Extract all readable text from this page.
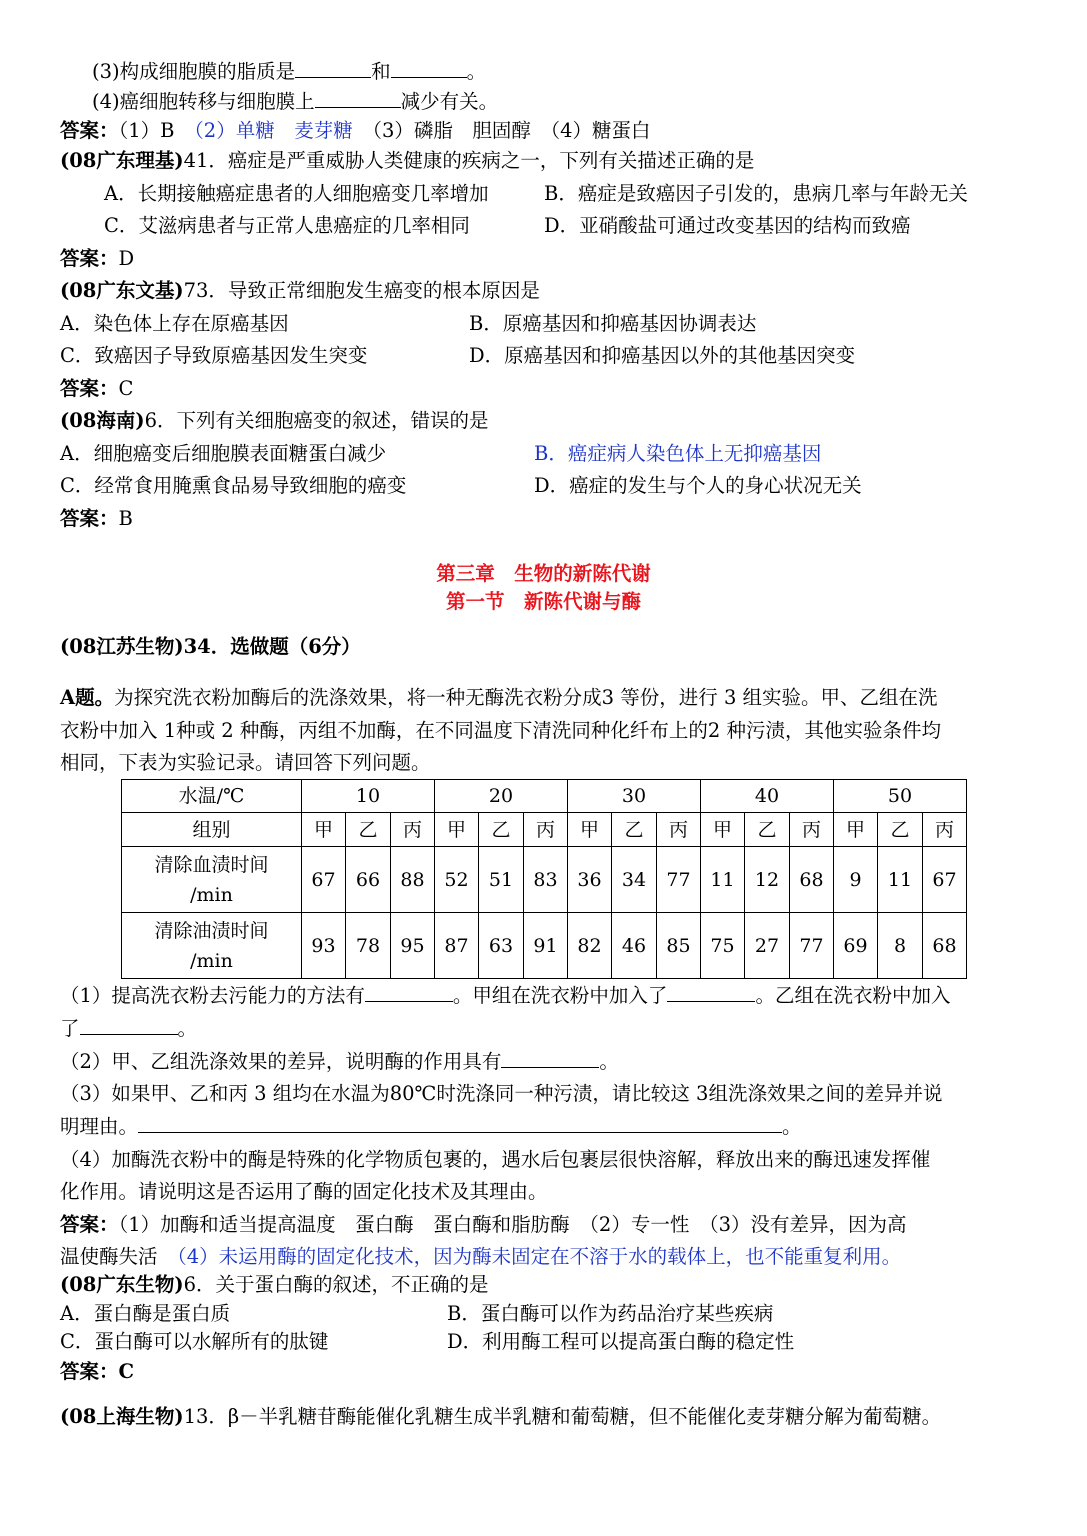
(3)构成细胞膜的脂质是	和	。
(4)癌细胞转移与细胞膜上	减少有关。
答案：（1）B　 （2）单糖　麦芽糖　 （3）磷脂　胆固醇　（4）糖蛋白
(08广东理基)41．癌症是严重威胁人类健康的疾病之一，下列有关描述正确的是
A．长期接触癌症患者的人细胞癌变几率增加	B．癌症是致癌因子引发的，患病几率与年龄无关
C．艾滋病患者与正常人患癌症的几率相同	D．亚硝酸盐可通过改变基因的结构而致癌
答案：D
(08广东文基)73．导致正常细胞发生癌变的根本原因是
A．染色体上存在原癌基因	B．原癌基因和抑癌基因协调表达
C．致癌因子导致原癌基因发生突变	D．原癌基因和抑癌基因以外的其他基因突变
答案：C
(08海南)6．下列有关细胞癌变的叙述，错误的是
A．细胞癌变后细胞膜表面糖蛋白减少	B．癌症病人染色体上无抑癌基因
C．经常食用腌熏食品易导致细胞的癌变	D．癌症的发生与个人的身心状况无关
答案：B
第三章　生物的新陈代谢
第一节　新陈代谢与酶
(08江苏生物)34．选做题（6分）
A题。为探究洗衣粉加酶后的洗涤效果，将一种无酶洗衣粉分成3 等份，进行 3 组实验。甲、乙组在洗
衣粉中加入 1种或 2 种酶，丙组不加酶，在不同温度下清洗同种化纤布上的2 种污渍，其他实验条件均
相同，下表为实验记录。请回答下列问题。
水温/℃	10			20			30			40			50		
组别	甲	乙	丙	甲	乙	丙	甲	乙	丙	甲	乙	丙	甲	乙	丙

清除血渍时间
/min	67	66	88	52	51	83	36	34	77	11	12	68	9	11	67

清除油渍时间
/min	93	78	95	87	63	91	82	46	85	75	27	77	69	8	68
（1）提高洗衣粉去污能力的方法有	。甲组在洗衣粉中加入了	。乙组在洗衣粉中加入
了	。
（2）甲、乙组洗涤效果的差异，说明酶的作用具有	。
（3）如果甲、乙和丙 3 组均在水温为80℃时洗涤同一种污渍，请比较这 3组洗涤效果之间的差异并说
明理由。	。
（4）加酶洗衣粉中的酶是特殊的化学物质包裹的，遇水后包裹层很快溶解，释放出来的酶迅速发挥催
化作用。请说明这是否运用了酶的固定化技术及其理由。
答案：（1）加酶和适当提高温度　蛋白酶　蛋白酶和脂肪酶　（2）专一性　（3）没有差异，因为高
温使酶失活　（4）未运用酶的固定化技术，因为酶未固定在不溶于水的载体上，也不能重复利用。
(08广东生物)6．关于蛋白酶的叙述，不正确的是
A．蛋白酶是蛋白质	B．蛋白酶可以作为药品治疗某些疾病
C．蛋白酶可以水解所有的肽键	D．利用酶工程可以提高蛋白酶的稳定性
答案：C
(08上海生物)13．β－半乳糖苷酶能催化乳糖生成半乳糖和葡萄糖，但不能催化麦芽糖分解为葡萄糖。
